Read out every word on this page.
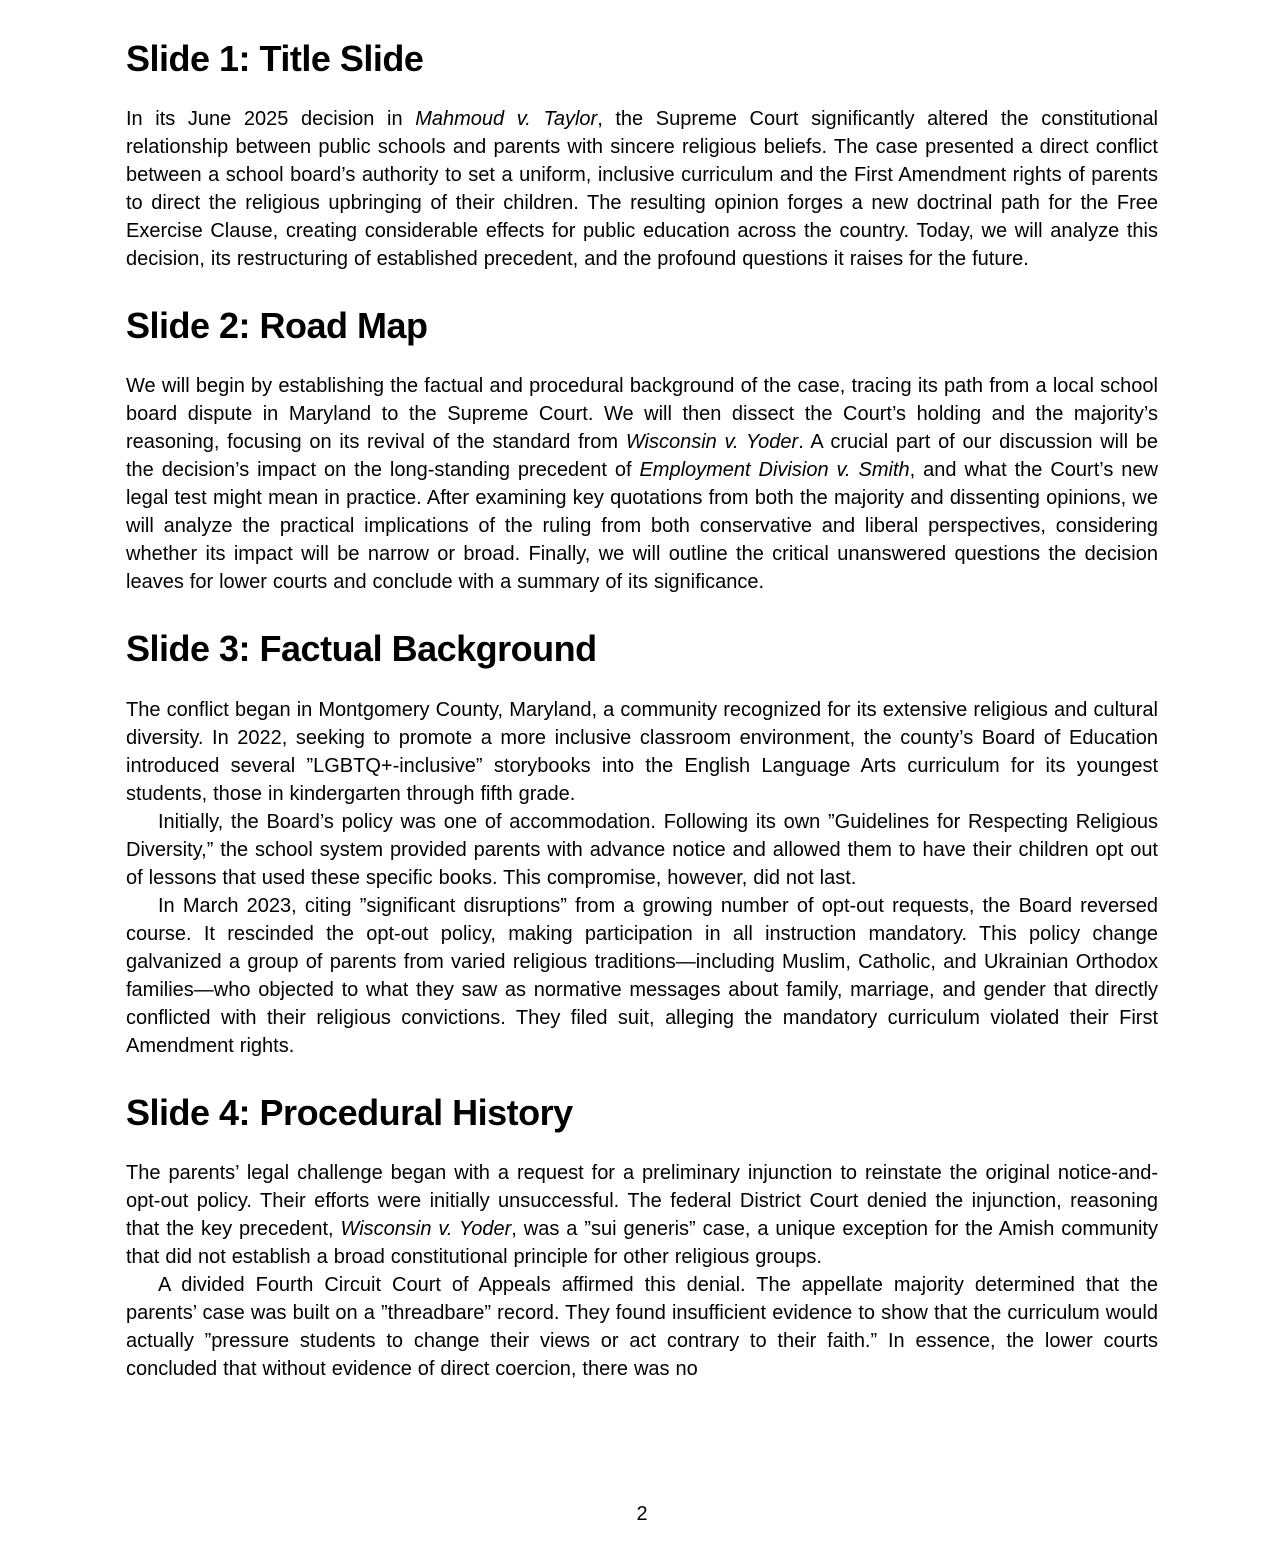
Slide 1: Title Slide

In its June 2025 decision in Mahmoud v. Taylor, the Supreme Court significantly altered the constitutional relationship between public schools and parents with sincere religious beliefs. The case presented a direct conflict between a school board’s authority to set a uniform, inclusive curriculum and the First Amendment rights of parents to direct the religious upbringing of their children. The resulting opinion forges a new doctrinal path for the Free Exercise Clause, creating considerable effects for public education across the country. Today, we will analyze this decision, its restructuring of established precedent, and the profound questions it raises for the future.

Slide 2: Road Map

We will begin by establishing the factual and procedural background of the case, tracing its path from a local school board dispute in Maryland to the Supreme Court. We will then dissect the Court’s holding and the majority’s reasoning, focusing on its revival of the standard from Wisconsin v. Yoder. A crucial part of our discussion will be the decision’s impact on the long-standing precedent of Employment Division v. Smith, and what the Court’s new legal test might mean in practice. After examining key quotations from both the majority and dissenting opinions, we will analyze the practical implications of the ruling from both conservative and liberal perspectives, considering whether its impact will be narrow or broad. Finally, we will outline the critical unanswered questions the decision leaves for lower courts and conclude with a summary of its significance.

Slide 3: Factual Background

The conflict began in Montgomery County, Maryland, a community recognized for its extensive religious and cultural diversity. In 2022, seeking to promote a more inclusive classroom environment, the county’s Board of Education introduced several ”LGBTQ+-inclusive” storybooks into the English Language Arts curriculum for its youngest students, those in kindergarten through fifth grade.

Initially, the Board’s policy was one of accommodation. Following its own ”Guidelines for Respecting Religious Diversity,” the school system provided parents with advance notice and allowed them to have their children opt out of lessons that used these specific books. This compromise, however, did not last.

In March 2023, citing ”significant disruptions” from a growing number of opt-out requests, the Board reversed course. It rescinded the opt-out policy, making participation in all instruction mandatory. This policy change galvanized a group of parents from varied religious traditions—including Muslim, Catholic, and Ukrainian Orthodox families—who objected to what they saw as normative messages about family, marriage, and gender that directly conflicted with their religious convictions. They filed suit, alleging the mandatory curriculum violated their First Amendment rights.

Slide 4: Procedural History

The parents’ legal challenge began with a request for a preliminary injunction to reinstate the original notice-and-opt-out policy. Their efforts were initially unsuccessful. The federal District Court denied the injunction, reasoning that the key precedent, Wisconsin v. Yoder, was a ”sui generis” case, a unique exception for the Amish community that did not establish a broad constitutional principle for other religious groups.

A divided Fourth Circuit Court of Appeals affirmed this denial. The appellate majority determined that the parents’ case was built on a ”threadbare” record. They found insufficient evidence to show that the curriculum would actually ”pressure students to change their views or act contrary to their faith.” In essence, the lower courts concluded that without evidence of direct coercion, there was no

2
